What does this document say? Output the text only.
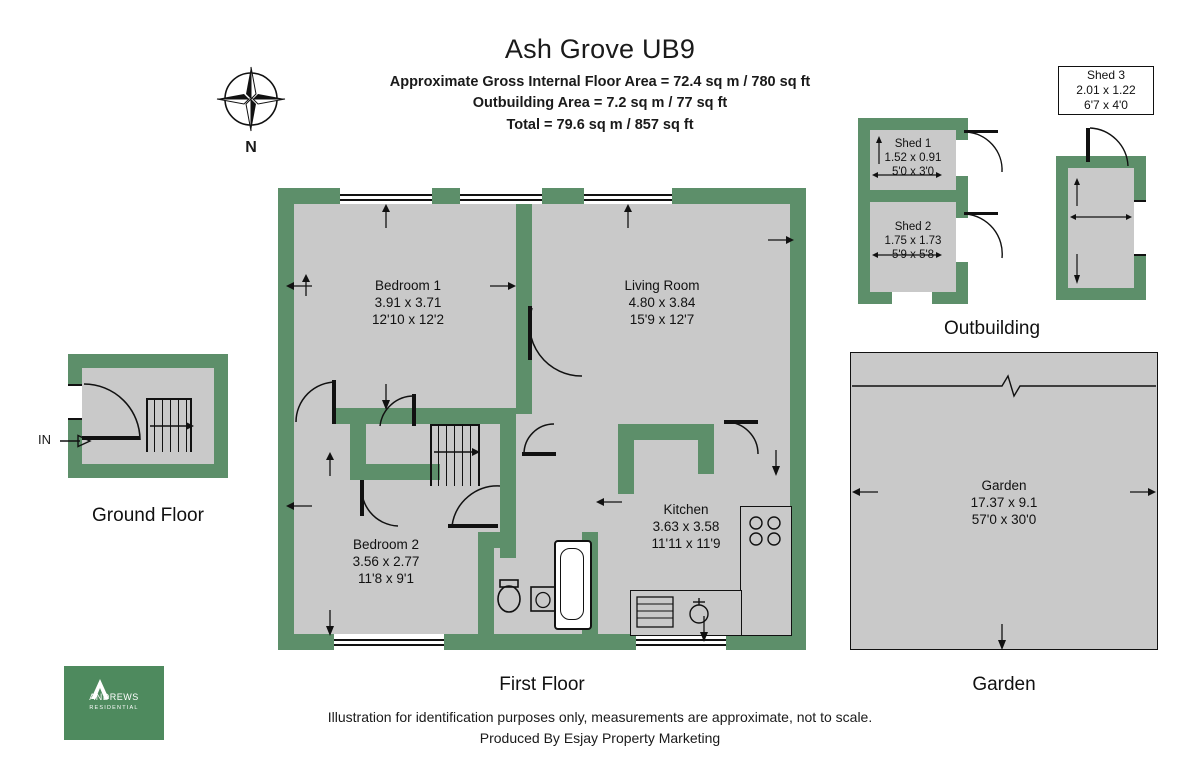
Ash Grove UB9
Approximate Gross Internal Floor Area = 72.4 sq m / 780 sq ft
Outbuilding Area = 7.2 sq m / 77 sq ft
Total = 79.6 sq m / 857 sq ft
N
IN
Ground Floor
Bedroom 1
3.91 x 3.71
12'10 x 12'2
Living Room
4.80 x 3.84
15'9 x 12'7
Bedroom 2
3.56 x 2.77
11'8 x 9'1
Kitchen
3.63 x 3.58
11'11 x 11'9
First Floor
Shed 1
1.52 x 0.91
5'0 x 3'0
Shed 2
1.75 x 1.73
5'9 x 5'8
Shed 3
2.01 x 1.22
6'7 x 4'0
Outbuilding
Garden
17.37 x 9.1
57'0 x 30'0
Garden
Illustration for identification purposes only, measurements are approximate, not to scale.
Produced By Esjay Property Marketing
ANDREWS
RESIDENTIAL
